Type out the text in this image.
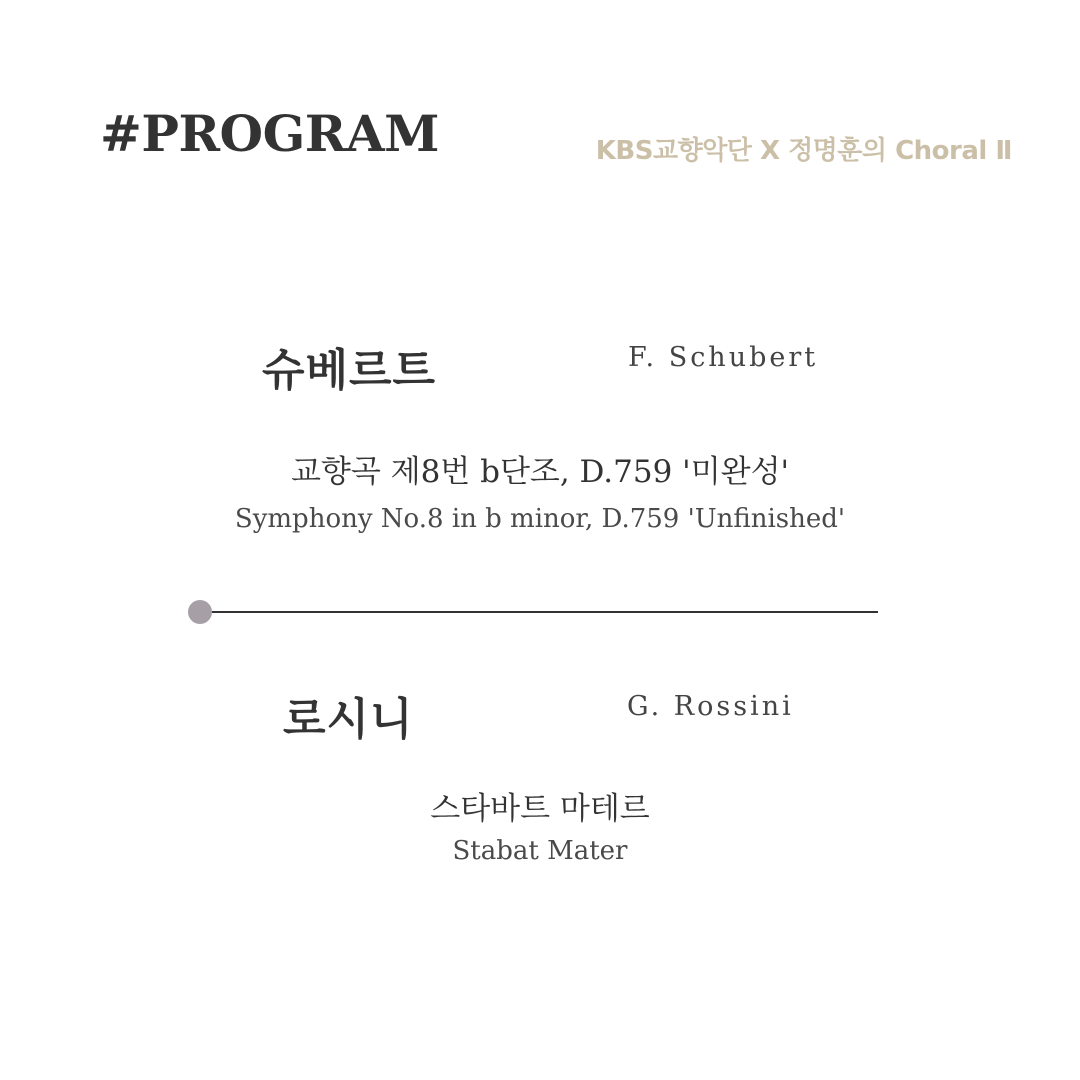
#PROGRAM	KBS교향악단 X 정명훈의 Choral Ⅱ
슈베르트	F. Schubert
교향곡 제8번 b단조, D.759 '미완성'
Symphony No.8 in b minor, D.759 'Unfinished'
로시니	G. Rossini
스타바트 마테르
Stabat Mater
